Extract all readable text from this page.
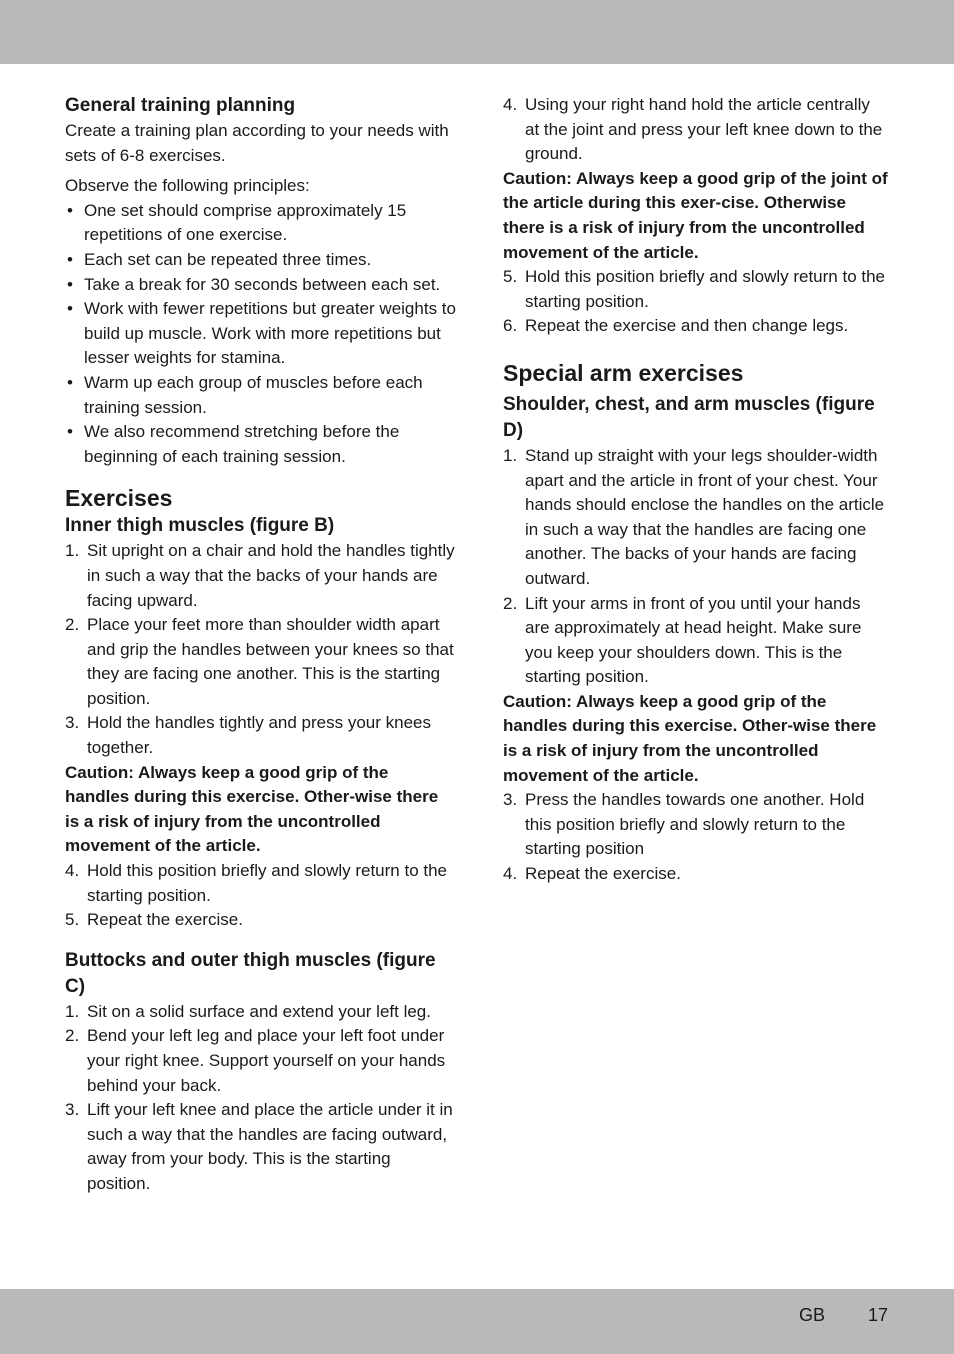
General training planning

Create a training plan according to your needs with sets of 6-8 exercises.

Observe the following principles:

• One set should comprise approximately 15 repetitions of one exercise.
• Each set can be repeated three times.
• Take a break for 30 seconds between each set.
• Work with fewer repetitions but greater weights to build up muscle. Work with more repetitions but lesser weights for stamina.
• Warm up each group of muscles before each training session.
• We also recommend stretching before the beginning of each training session.
Exercises
Inner thigh muscles (figure B)
1. Sit upright on a chair and hold the handles tightly in such a way that the backs of your hands are facing upward.
2. Place your feet more than shoulder width apart and grip the handles between your knees so that they are facing one another. This is the starting position.
3. Hold the handles tightly and press your knees together.

Caution: Always keep a good grip of the handles during this exercise. Other-wise there is a risk of injury from the uncontrolled movement of the article.

4. Hold this position briefly and slowly return to the starting position.
5. Repeat the exercise.
Buttocks and outer thigh muscles (figure C)
1. Sit on a solid surface and extend your left leg.
2. Bend your left leg and place your left foot under your right knee. Support yourself on your hands behind your back.
3. Lift your left knee and place the article under it in such a way that the handles are facing outward, away from your body. This is the starting position.
4. Using your right hand hold the article centrally at the joint and press your left knee down to the ground.

Caution: Always keep a good grip of the joint of the article during this exer-cise. Otherwise there is a risk of injury from the uncontrolled movement of the article.

5. Hold this position briefly and slowly return to the starting position.
6. Repeat the exercise and then change legs.
Special arm exercises
Shoulder, chest, and arm muscles (figure D)
1. Stand up straight with your legs shoulder-width apart and the article in front of your chest. Your hands should enclose the handles on the article in such a way that the handles are facing one another. The backs of your hands are facing outward.
2. Lift your arms in front of you until your hands are approximately at head height. Make sure you keep your shoulders down. This is the starting position.

Caution: Always keep a good grip of the handles during this exercise. Other-wise there is a risk of injury from the uncontrolled movement of the article.

3. Press the handles towards one another. Hold this position briefly and slowly return to the starting position
4. Repeat the exercise.
GB 17
